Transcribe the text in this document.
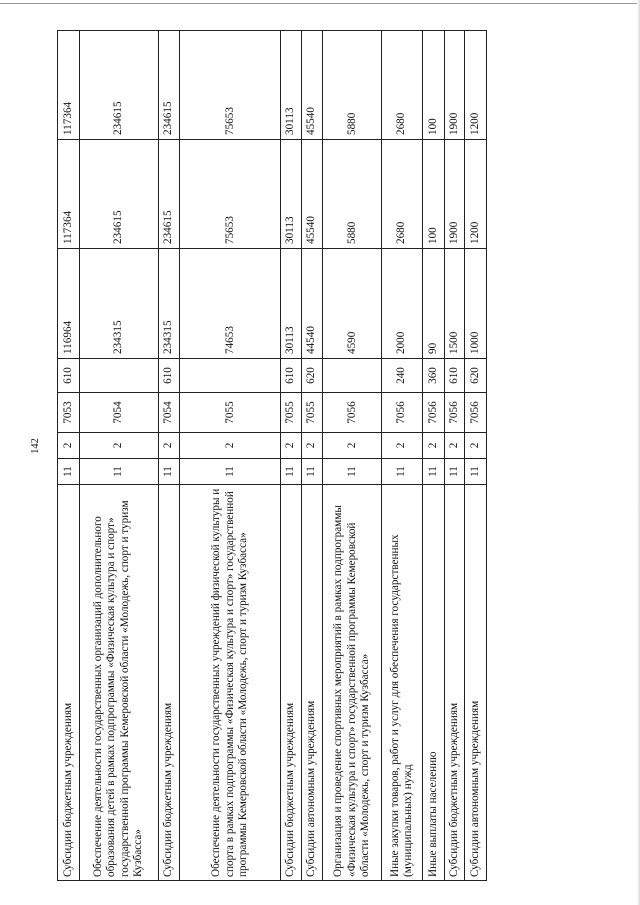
142
Субсидии бюджетным учреждениям	11	2	7053	610	116964	117364	117364
Обеспечение деятельности государственных организаций дополнительного образования детей в рамках подпрограммы «Физическая культура и спорт» государственной программы Кемеровской области «Молодежь, спорт и туризм Кузбасса»	11	2	7054		234315	234615	234615
Субсидии бюджетным учреждениям	11	2	7054	610	234315	234615	234615
Обеспечение деятельности государственных учреждений физической культуры и спорта в рамках подпрограммы «Физическая культура и спорт» государственной программы Кемеровской области «Молодежь, спорт и туризм Кузбасса»	11	2	7055		74653	75653	75653
Субсидии бюджетным учреждениям	11	2	7055	610	30113	30113	30113
Субсидии автономным учреждениям	11	2	7055	620	44540	45540	45540
Организация и проведение спортивных мероприятий в рамках подпрограммы «Физическая культура и спорт» государственной программы Кемеровской области «Молодежь, спорт и туризм Кузбасса»	11	2	7056		4590	5880	5880
Иные закупки товаров, работ и услуг для обеспечения государственных (муниципальных) нужд	11	2	7056	240	2000	2680	2680
Иные выплаты населению	11	2	7056	360	90	100	100
Субсидии бюджетным учреждениям	11	2	7056	610	1500	1900	1900
Субсидии автономным учреждениям	11	2	7056	620	1000	1200	1200
